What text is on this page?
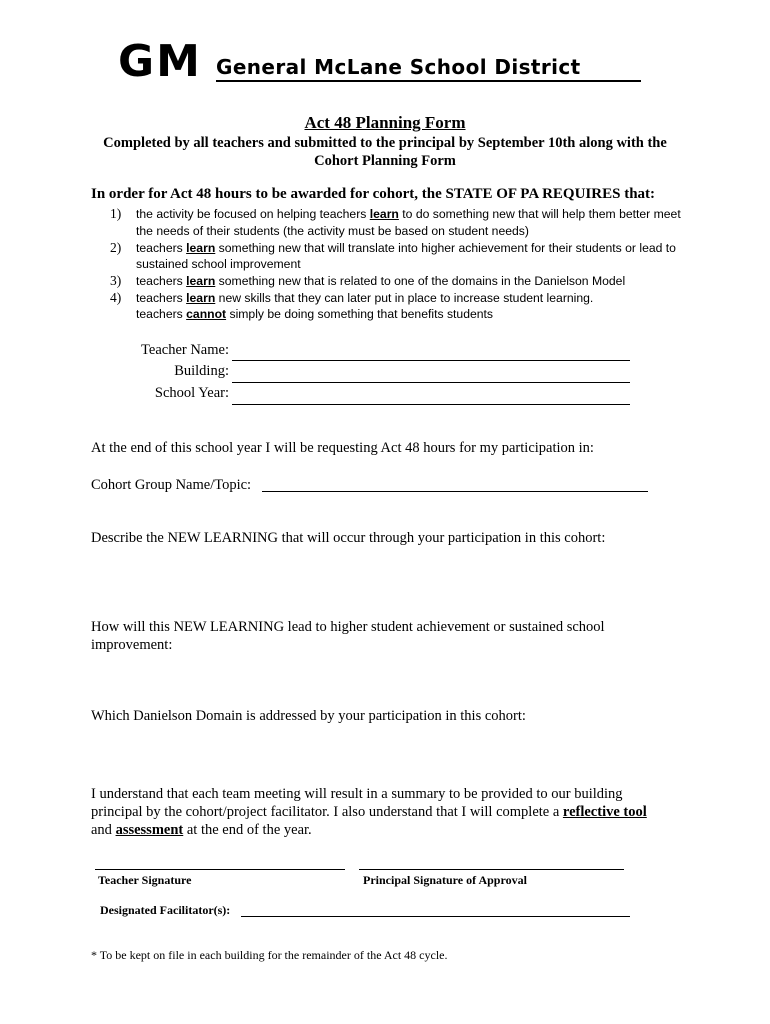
GM General McLane School District
Act 48 Planning Form
Completed by all teachers and submitted to the principal by September 10th along with the
Cohort Planning Form
In order for Act 48 hours to be awarded for cohort, the STATE OF PA REQUIRES that:
1) the activity be focused on helping teachers learn to do something new that will help them better meet the needs of their students (the activity must be based on student needs)
2) teachers learn something new that will translate into higher achievement for their students or lead to sustained school improvement
3) teachers learn something new that is related to one of the domains in the Danielson Model
4) teachers learn new skills that they can later put in place to increase student learning.
teachers cannot simply be doing something that benefits students
Teacher Name:
Building:
School Year:
At the end of this school year I will be requesting Act 48 hours for my participation in:
Cohort Group Name/Topic:
Describe the NEW LEARNING that will occur through your participation in this cohort:
How will this NEW LEARNING lead to higher student achievement or sustained school
improvement:
Which Danielson Domain is addressed by your participation in this cohort:
I understand that each team meeting will result in a summary to be provided to our building
principal by the cohort/project facilitator. I also understand that I will complete a reflective tool
and assessment at the end of the year.
Teacher Signature	Principal Signature of Approval
Designated Facilitator(s):
* To be kept on file in each building for the remainder of the Act 48 cycle.
